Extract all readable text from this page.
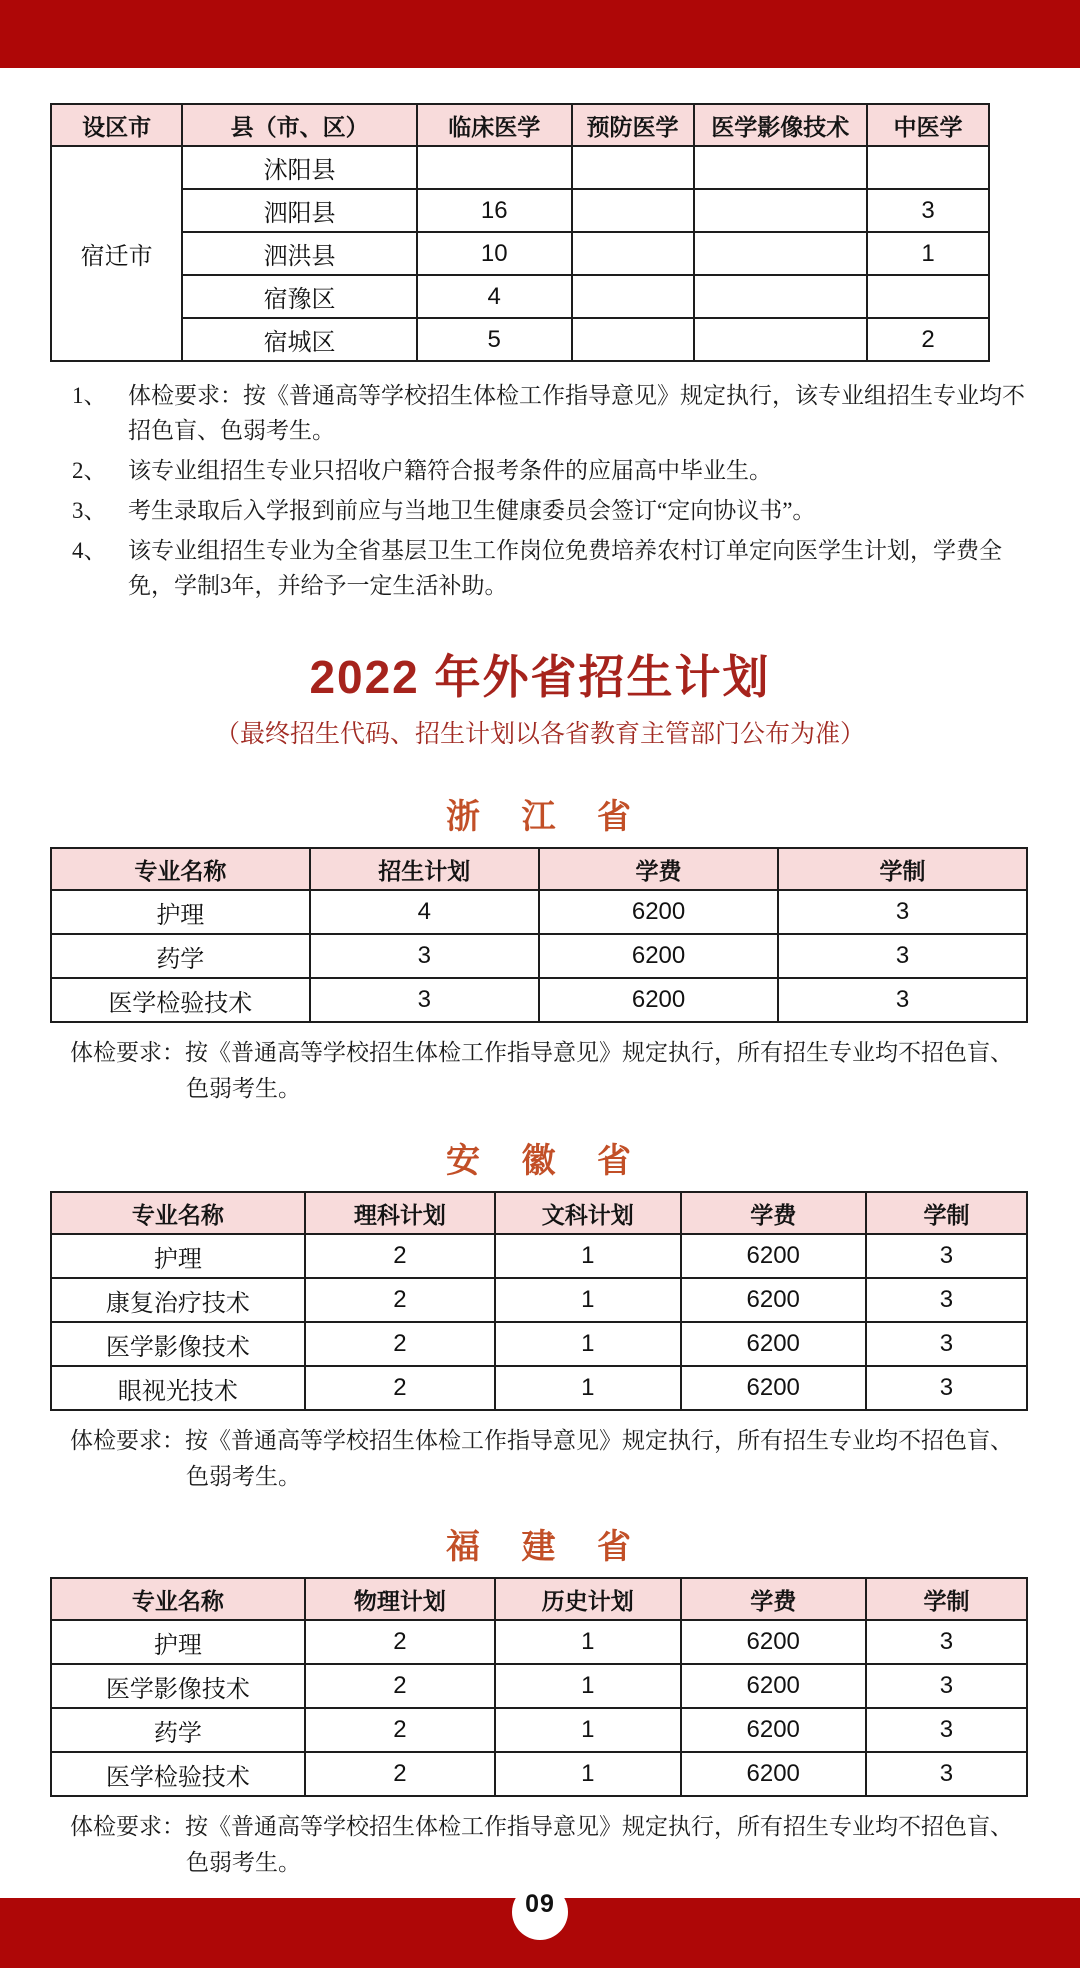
设区市	县（市、区）	临床医学	预防医学	医学影像技术	中医学
宿迁市	沭阳县				
	泗阳县	16			3
	泗洪县	10			1
	宿豫区	4			
	宿城区	5			2
1、 体检要求：按《普通高等学校招生体检工作指导意见》规定执行，该专业组招生专业均不招色盲、色弱考生。
2、 该专业组招生专业只招收户籍符合报考条件的应届高中毕业生。
3、 考生录取后入学报到前应与当地卫生健康委员会签订“定向协议书”。
4、 该专业组招生专业为全省基层卫生工作岗位免费培养农村订单定向医学生计划，学费全免，学制3年，并给予一定生活补助。
2022 年外省招生计划
（最终招生代码、招生计划以各省教育主管部门公布为准）
浙 江 省
专业名称	招生计划	学费	学制
护理	4	6200	3
药学	3	6200	3
医学检验技术	3	6200	3
体检要求：按《普通高等学校招生体检工作指导意见》规定执行，所有招生专业均不招色盲、色弱考生。
安 徽 省
专业名称	理科计划	文科计划	学费	学制
护理	2	1	6200	3
康复治疗技术	2	1	6200	3
医学影像技术	2	1	6200	3
眼视光技术	2	1	6200	3
体检要求：按《普通高等学校招生体检工作指导意见》规定执行，所有招生专业均不招色盲、色弱考生。
福 建 省
专业名称	物理计划	历史计划	学费	学制
护理	2	1	6200	3
医学影像技术	2	1	6200	3
药学	2	1	6200	3
医学检验技术	2	1	6200	3
体检要求：按《普通高等学校招生体检工作指导意见》规定执行，所有招生专业均不招色盲、色弱考生。
09
